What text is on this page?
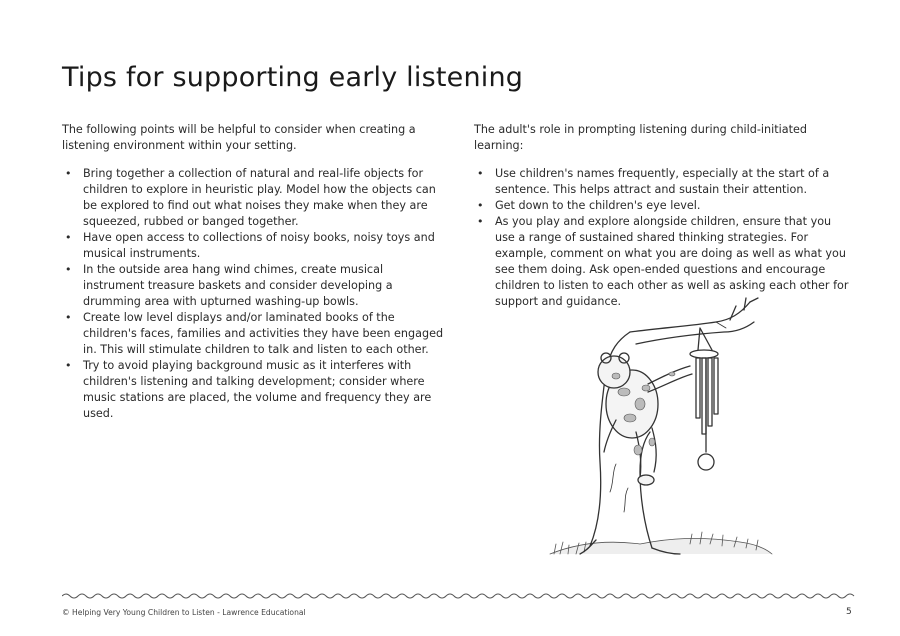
Tips for supporting early listening

The following points will be helpful to consider when creating a listening environment within your setting.

• Bring together a collection of natural and real-life objects for children to explore in heuristic play. Model how the objects can be explored to find out what noises they make when they are squeezed, rubbed or banged together.
• Have open access to collections of noisy books, noisy toys and musical instruments.
• In the outside area hang wind chimes, create musical instrument treasure baskets and consider developing a drumming area with upturned washing-up bowls.
• Create low level displays and/or laminated books of the children's faces, families and activities they have been engaged in. This will stimulate children to talk and listen to each other.
• Try to avoid playing background music as it interferes with children's listening and talking development; consider where music stations are placed, the volume and frequency they are used.

The adult's role in prompting listening during child-initiated learning:

• Use children's names frequently, especially at the start of a sentence. This helps attract and sustain their attention.
• Get down to the children's eye level.
• As you play and explore alongside children, ensure that you use a range of sustained shared thinking strategies. For example, comment on what you are doing as well as what you see them doing. Ask open-ended questions and encourage children to listen to each other as well as asking each other for support and guidance.
© Helping Very Young Children to Listen - Lawrence Educational	5
